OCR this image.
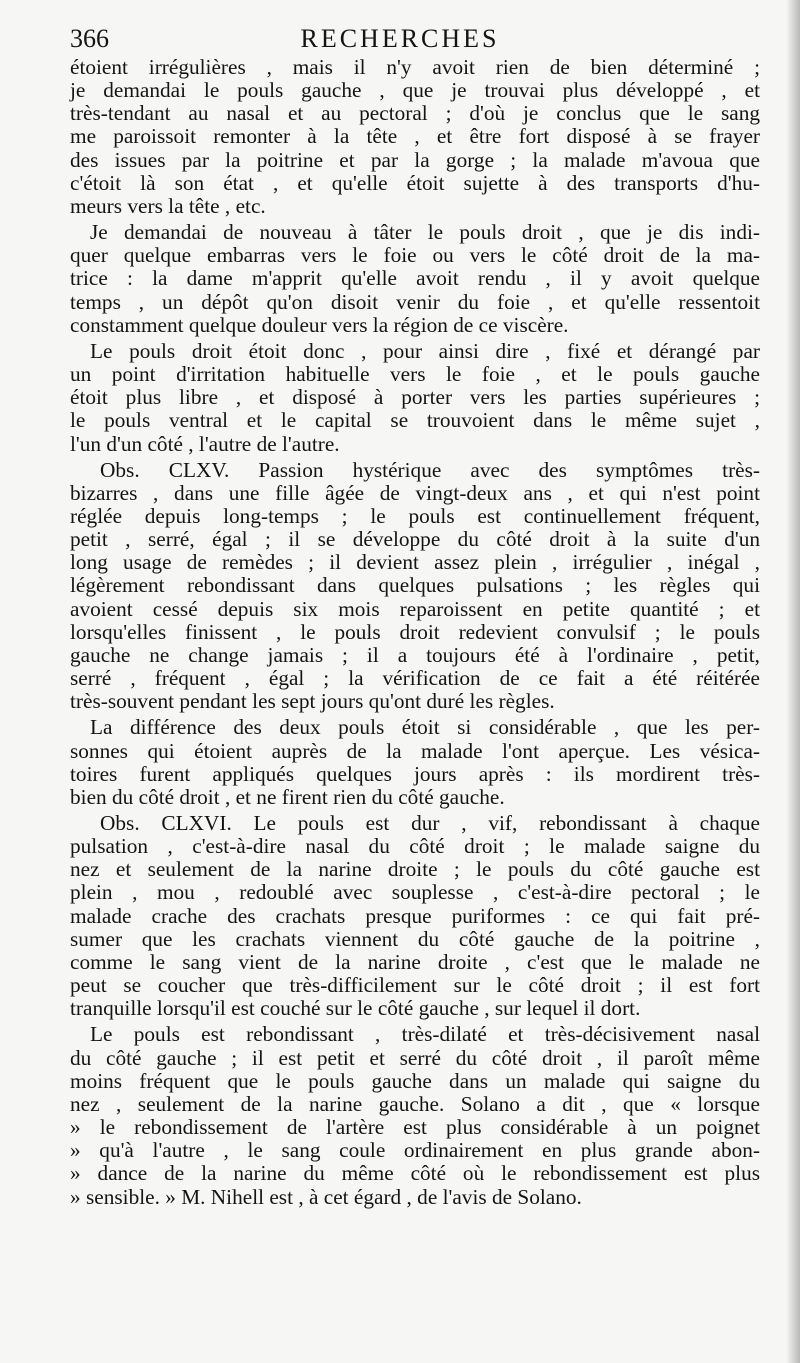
366	RECHERCHES

étoient irrégulières , mais il n'y avoit rien de bien déterminé ;
je demandai le pouls gauche , que je trouvai plus développé , et
très-tendant au nasal et au pectoral ; d'où je conclus que le sang
me paroissoit remonter à la tête , et être fort disposé à se frayer
des issues par la poitrine et par la gorge ; la malade m'avoua que
c'étoit là son état , et qu'elle étoit sujette à des transports d'hu-
meurs vers la tête , etc.

Je demandai de nouveau à tâter le pouls droit , que je dis indi-
quer quelque embarras vers le foie ou vers le côté droit de la ma-
trice : la dame m'apprit qu'elle avoit rendu , il y avoit quelque
temps , un dépôt qu'on disoit venir du foie , et qu'elle ressentoit
constamment quelque douleur vers la région de ce viscère.

Le pouls droit étoit donc , pour ainsi dire , fixé et dérangé par
un point d'irritation habituelle vers le foie , et le pouls gauche
étoit plus libre , et disposé à porter vers les parties supérieures ;
le pouls ventral et le capital se trouvoient dans le même sujet ,
l'un d'un côté , l'autre de l'autre.

Obs. CLXV. Passion hystérique avec des symptômes très-
bizarres , dans une fille âgée de vingt-deux ans , et qui n'est point
réglée depuis long-temps ; le pouls est continuellement fréquent,
petit , serré, égal ; il se développe du côté droit à la suite d'un
long usage de remèdes ; il devient assez plein , irrégulier , inégal ,
légèrement rebondissant dans quelques pulsations ; les règles qui
avoient cessé depuis six mois reparoissent en petite quantité ; et
lorsqu'elles finissent , le pouls droit redevient convulsif ; le pouls
gauche ne change jamais ; il a toujours été à l'ordinaire , petit,
serré , fréquent , égal ; la vérification de ce fait a été réitérée
très-souvent pendant les sept jours qu'ont duré les règles.

La différence des deux pouls étoit si considérable , que les per-
sonnes qui étoient auprès de la malade l'ont aperçue. Les vésica-
toires furent appliqués quelques jours après : ils mordirent très-
bien du côté droit , et ne firent rien du côté gauche.

Obs. CLXVI. Le pouls est dur , vif, rebondissant à chaque
pulsation , c'est-à-dire nasal du côté droit ; le malade saigne du
nez et seulement de la narine droite ; le pouls du côté gauche est
plein , mou , redoublé avec souplesse , c'est-à-dire pectoral ; le
malade crache des crachats presque puriformes : ce qui fait pré-
sumer que les crachats viennent du côté gauche de la poitrine ,
comme le sang vient de la narine droite , c'est que le malade ne
peut se coucher que très-difficilement sur le côté droit ; il est fort
tranquille lorsqu'il est couché sur le côté gauche , sur lequel il dort.

Le pouls est rebondissant , très-dilaté et très-décisivement nasal
du côté gauche ; il est petit et serré du côté droit , il paroît même
moins fréquent que le pouls gauche dans un malade qui saigne du
nez , seulement de la narine gauche. Solano a dit , que « lorsque
» le rebondissement de l'artère est plus considérable à un poignet
» qu'à l'autre , le sang coule ordinairement en plus grande abon-
» dance de la narine du même côté où le rebondissement est plus
» sensible. » M. Nihell est , à cet égard , de l'avis de Solano.
